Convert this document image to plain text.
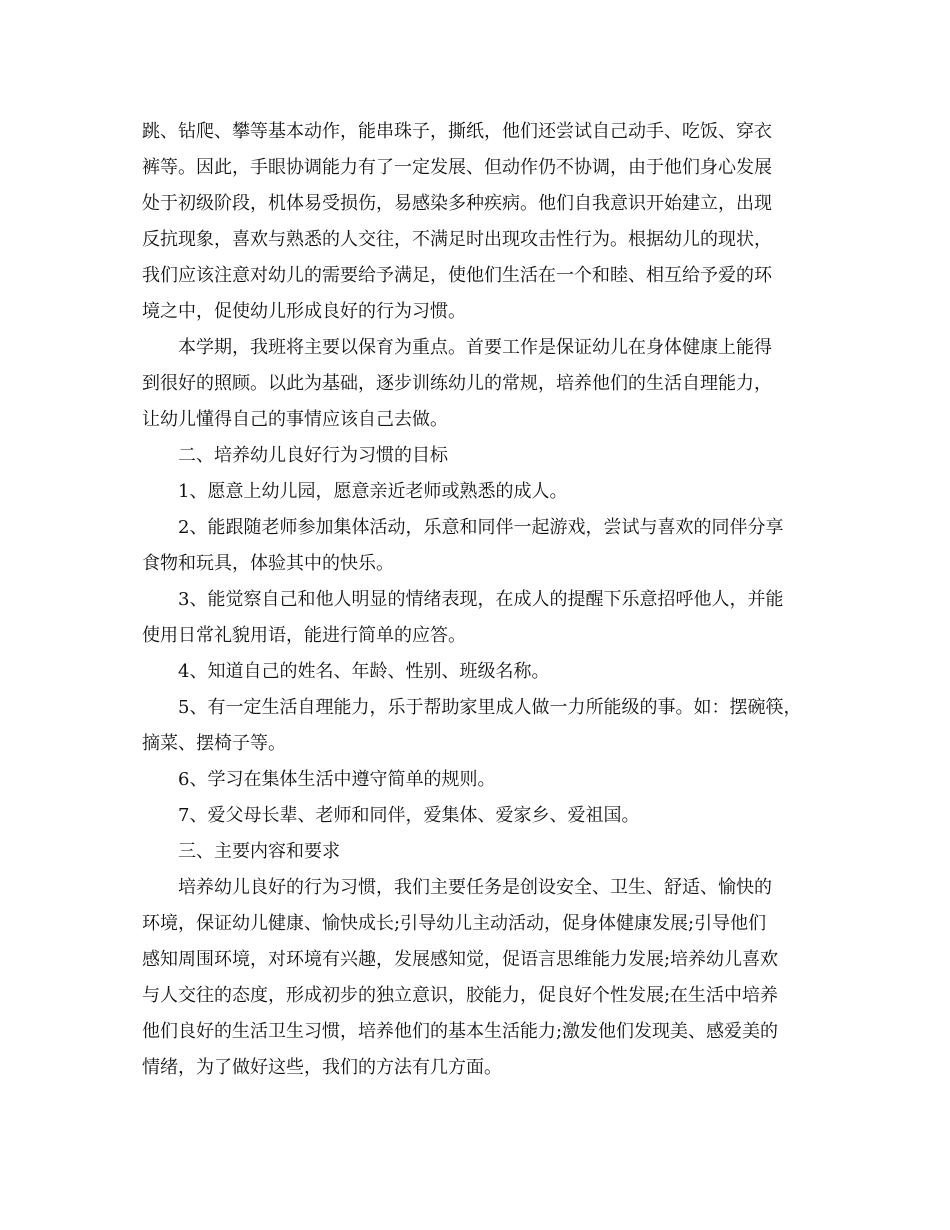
跳、钻爬、攀等基本动作，能串珠子，撕纸，他们还尝试自己动手、吃饭、穿衣
裤等。因此，手眼协调能力有了一定发展、但动作仍不协调，由于他们身心发展
处于初级阶段，机体易受损伤，易感染多种疾病。他们自我意识开始建立，出现
反抗现象，喜欢与熟悉的人交往，不满足时出现攻击性行为。根据幼儿的现状，
我们应该注意对幼儿的需要给予满足，使他们生活在一个和睦、相互给予爱的环
境之中，促使幼儿形成良好的行为习惯。
本学期，我班将主要以保育为重点。首要工作是保证幼儿在身体健康上能得
到很好的照顾。以此为基础，逐步训练幼儿的常规，培养他们的生活自理能力，
让幼儿懂得自己的事情应该自己去做。
二、培养幼儿良好行为习惯的目标
1、愿意上幼儿园，愿意亲近老师或熟悉的成人。
2、能跟随老师参加集体活动，乐意和同伴一起游戏，尝试与喜欢的同伴分享
食物和玩具，体验其中的快乐。
3、能觉察自己和他人明显的情绪表现，在成人的提醒下乐意招呼他人，并能
使用日常礼貌用语，能进行简单的应答。
4、知道自己的姓名、年龄、性别、班级名称。
5、有一定生活自理能力，乐于帮助家里成人做一力所能级的事。如：摆碗筷，
摘菜、摆椅子等。
6、学习在集体生活中遵守简单的规则。
7、爱父母长辈、老师和同伴，爱集体、爱家乡、爱祖国。
三、主要内容和要求
培养幼儿良好的行为习惯，我们主要任务是创设安全、卫生、舒适、愉快的
环境，保证幼儿健康、愉快成长;引导幼儿主动活动，促身体健康发展;引导他们
感知周围环境，对环境有兴趣，发展感知觉，促语言思维能力发展;培养幼儿喜欢
与人交往的态度，形成初步的独立意识，胶能力，促良好个性发展;在生活中培养
他们良好的生活卫生习惯，培养他们的基本生活能力;激发他们发现美、感爱美的
情绪，为了做好这些，我们的方法有几方面。
